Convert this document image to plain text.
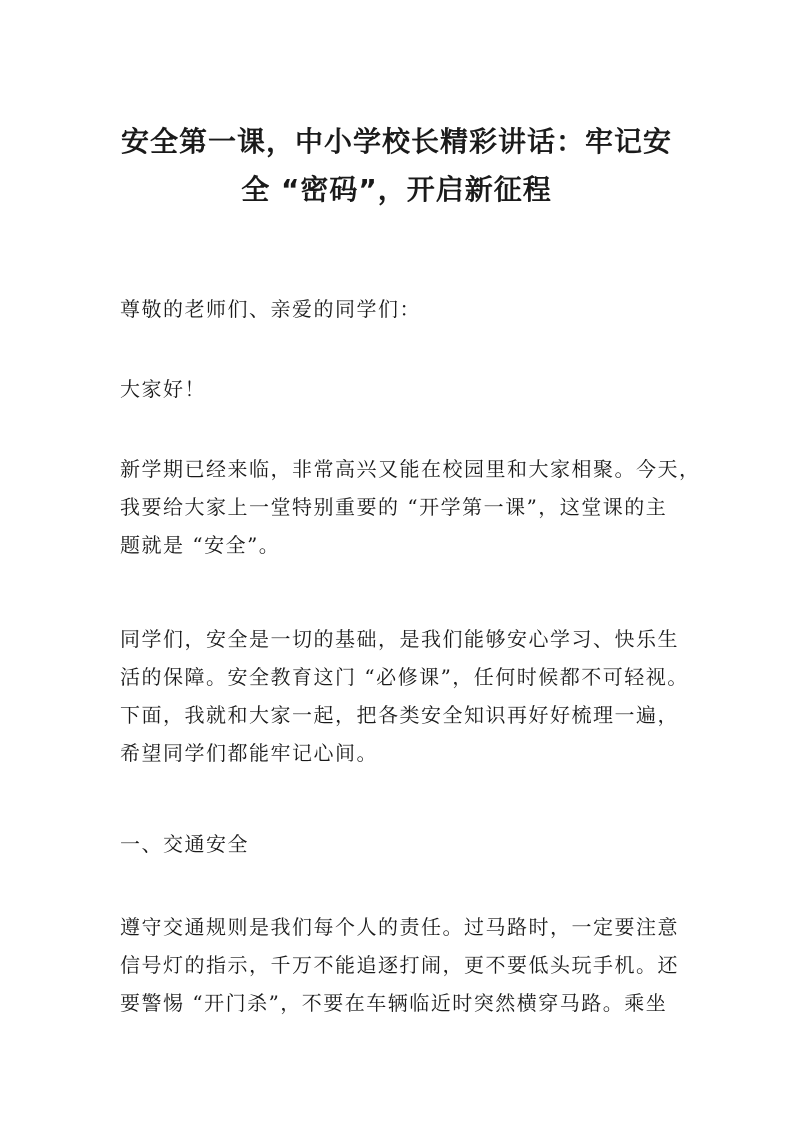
安全第一课，中小学校长精彩讲话：牢记安
全 “密码”，开启新征程

尊敬的老师们、亲爱的同学们：

大家好！

新学期已经来临，非常高兴又能在校园里和大家相聚。今天，
我要给大家上一堂特别重要的 “开学第一课”，这堂课的主
题就是 “安全”。

同学们，安全是一切的基础，是我们能够安心学习、快乐生
活的保障。安全教育这门 “必修课”，任何时候都不可轻视。
下面，我就和大家一起，把各类安全知识再好好梳理一遍，
希望同学们都能牢记心间。

一、交通安全

遵守交通规则是我们每个人的责任。过马路时，一定要注意
信号灯的指示，千万不能追逐打闹，更不要低头玩手机。还
要警惕 “开门杀”，不要在车辆临近时突然横穿马路。乘坐
